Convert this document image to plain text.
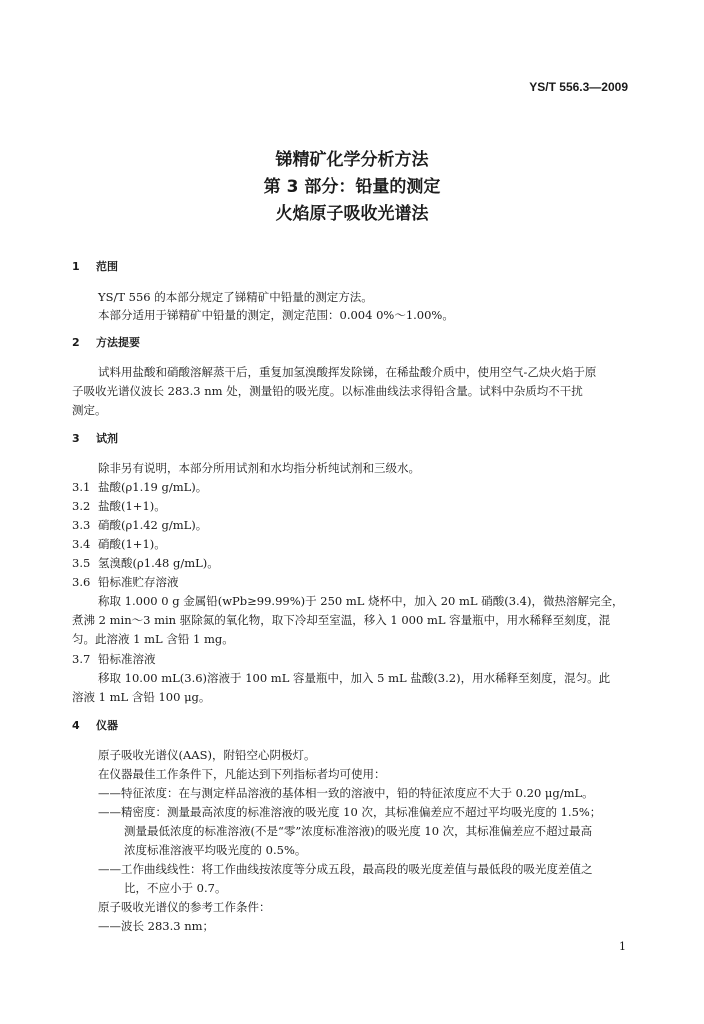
YS/T 556.3—2009
锑精矿化学分析方法
第 3 部分：铅量的测定
火焰原子吸收光谱法
1 范围
YS/T 556 的本部分规定了锑精矿中铅量的测定方法。
本部分适用于锑精矿中铅量的测定，测定范围：0.004 0%～1.00%。
2 方法提要
试料用盐酸和硝酸溶解蒸干后，重复加氢溴酸挥发除锑，在稀盐酸介质中，使用空气-乙炔火焰于原
子吸收光谱仪波长 283.3 nm 处，测量铅的吸光度。以标准曲线法求得铅含量。试料中杂质均不干扰
测定。
3 试剂
除非另有说明，本部分所用试剂和水均指分析纯试剂和三级水。
3.1 盐酸(ρ1.19 g/mL)。
3.2 盐酸(1+1)。
3.3 硝酸(ρ1.42 g/mL)。
3.4 硝酸(1+1)。
3.5 氢溴酸(ρ1.48 g/mL)。
3.6 铅标准贮存溶液
称取 1.000 0 g 金属铅(wPb≥99.99%)于 250 mL 烧杯中，加入 20 mL 硝酸(3.4)，微热溶解完全，
煮沸 2 min～3 min 驱除氮的氧化物，取下冷却至室温，移入 1 000 mL 容量瓶中，用水稀释至刻度，混
匀。此溶液 1 mL 含铅 1 mg。
3.7 铅标准溶液
移取 10.00 mL(3.6)溶液于 100 mL 容量瓶中，加入 5 mL 盐酸(3.2)，用水稀释至刻度，混匀。此
溶液 1 mL 含铅 100 μg。
4 仪器
原子吸收光谱仪(AAS)，附铅空心阴极灯。
在仪器最佳工作条件下，凡能达到下列指标者均可使用：
——特征浓度：在与测定样品溶液的基体相一致的溶液中，铅的特征浓度应不大于 0.20 μg/mL。
——精密度：测量最高浓度的标准溶液的吸光度 10 次，其标准偏差应不超过平均吸光度的 1.5%；
测量最低浓度的标准溶液(不是“零”浓度标准溶液)的吸光度 10 次，其标准偏差应不超过最高
浓度标准溶液平均吸光度的 0.5%。
——工作曲线线性：将工作曲线按浓度等分成五段，最高段的吸光度差值与最低段的吸光度差值之
比，不应小于 0.7。
原子吸收光谱仪的参考工作条件：
——波长 283.3 nm；
1
